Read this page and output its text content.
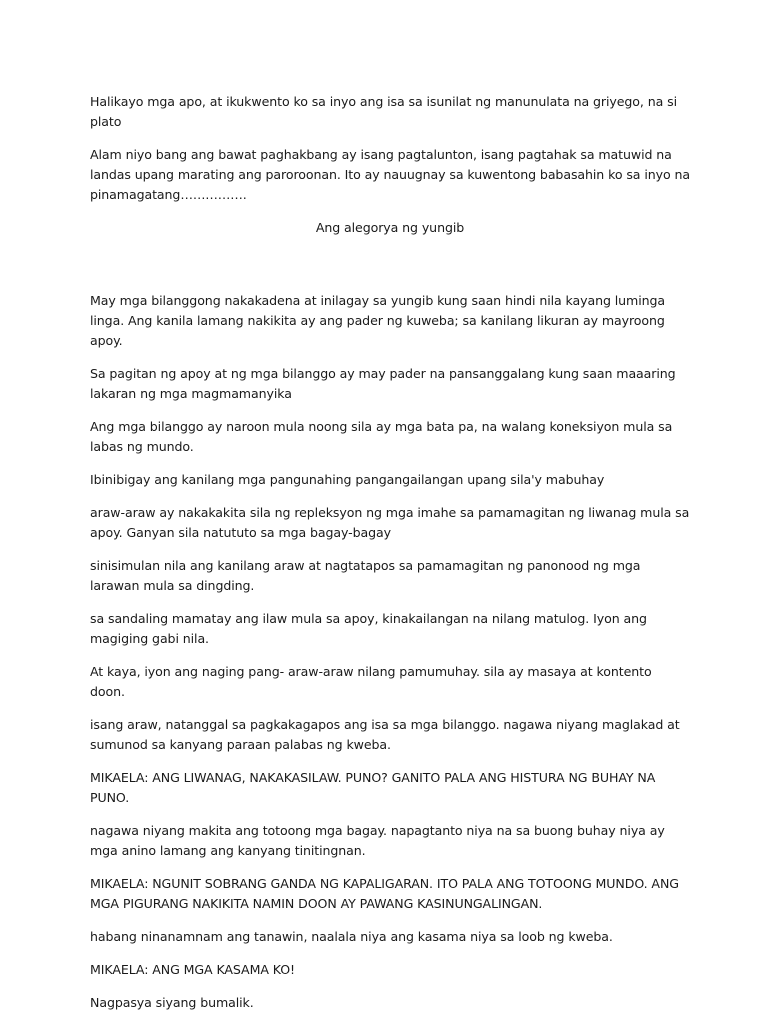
Halikayo mga apo, at ikukwento ko sa inyo ang isa sa isunilat ng manunulata na griyego, na si plato

Alam niyo bang ang bawat paghakbang ay isang pagtalunton, isang pagtahak sa matuwid na landas upang marating ang paroroonan. Ito ay nauugnay sa kuwentong babasahin ko sa inyo na pinamagatang…………….

Ang alegorya ng yungib

May mga bilanggong nakakadena at inilagay sa yungib kung saan hindi nila kayang luminga linga. Ang kanila lamang nakikita ay ang pader ng kuweba; sa kanilang likuran ay mayroong apoy.

Sa pagitan ng apoy at ng mga bilanggo ay may pader na pansanggalang kung saan maaaring lakaran ng mga magmamanyika

Ang mga bilanggo ay naroon mula noong sila ay mga bata pa, na walang koneksiyon mula sa labas ng mundo.

Ibinibigay ang kanilang mga pangunahing pangangailangan upang sila'y mabuhay

araw-araw ay nakakakita sila ng repleksyon ng mga imahe sa pamamagitan ng liwanag mula sa apoy. Ganyan sila natututo sa mga bagay-bagay

sinisimulan nila ang kanilang araw at nagtatapos sa pamamagitan ng panonood ng mga larawan mula sa dingding.

sa sandaling mamatay ang ilaw mula sa apoy, kinakailangan na nilang matulog. Iyon ang magiging gabi nila.

At kaya, iyon ang naging pang- araw-araw nilang pamumuhay. sila ay masaya at kontento doon.

isang araw, natanggal sa pagkakagapos ang isa sa mga bilanggo. nagawa niyang maglakad at sumunod sa kanyang paraan palabas ng kweba.

MIKAELA: ANG LIWANAG, NAKAKASILAW. PUNO? GANITO PALA ANG HISTURA NG BUHAY NA PUNO.

nagawa niyang makita ang totoong mga bagay. napagtanto niya na sa buong buhay niya ay mga anino lamang ang kanyang tinitingnan.

MIKAELA: NGUNIT SOBRANG GANDA NG KAPALIGARAN. ITO PALA ANG TOTOONG MUNDO. ANG MGA PIGURANG NAKIKITA NAMIN DOON AY PAWANG KASINUNGALINGAN.

habang ninanamnam ang tanawin, naalala niya ang kasama niya sa loob ng kweba.

MIKAELA: ANG MGA KASAMA KO!

Nagpasya siyang bumalik.
